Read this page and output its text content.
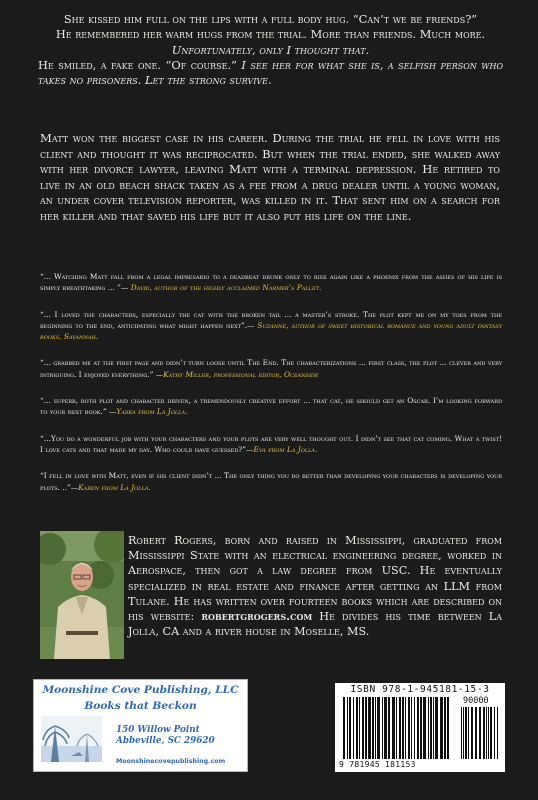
She kissed him full on the lips with a full body hug. “Can’t we be friends?”

He remembered her warm hugs from the trial. More than friends. Much more.

Unfortunately, only I thought that.

He smiled, a fake one. “Of course.” I see her for what she is, a selfish person who takes no prisoners. Let the strong survive.

Matt won the biggest case in his career. During the trial he fell in love with his client and thought it was reciprocated. But when the trial ended, she walked away with her divorce lawyer, leaving Matt with a terminal depression. He retired to live in an old beach shack taken as a fee from a drug dealer until a young woman, an under cover television reporter, was killed in it. That sent him on a search for her killer and that saved his life but it also put his life on the line.

“... Watching Matt fall from a legal impresario to a deadbeat drunk only to rise again like a phoenix from the ashes of his life is simply breathtaking ... ”— David, author of the highly acclaimed Narmer’s Pallet.

“... I loved the characters, especially the cat with the broken tail ... a master’s stroke. The plot kept me on my toes from the beginning to the end, anticipating what might happen next”.— Suzanne, author of sweet historical romance and young adult fantasy books, Savannah.

“... grabbed me at the first page and didn’t turn loose until The End. The characterizations ... first class, the plot ... clever and very intriguing. I enjoyed everything.” —Kathy Miller, professional editor, Oceanside

“... superb, both plot and character driven, a tremendously creative effort ... that cat, he should get an Oscar. I’m looking forward to your next book.” —Yarka from La Jolla.

“...You do a wonderful job with your characters and your plots are very well thought out. I didn’t see that cat coming. What a twist! I love cats and that made my day. Who could have guessed?”—Eva from La Jolla.

“I fell in love with Matt, even if his client didn’t ... The only thing you do better than developing your characters is developing your plots. ..”—Karen from La Jolla.

Robert Rogers, born and raised in Mississippi, graduated from Mississippi State with an electrical engineering degree, worked in Aerospace, then got a law degree from USC. He eventually specialized in real estate and finance after getting an LLM from Tulane. He has written over fourteen books which are described on his website: robertgrogers.com He divides his time between La Jolla, CA and a river house in Moselle, MS.
Moonshine Cove Publishing, LLC
Books that Beckon
150 Willow Point
Abbeville, SC 29620
Moonshinecovepublishing.com
ISBN 978-1-945181-15-3
90000
9 781945 181153
